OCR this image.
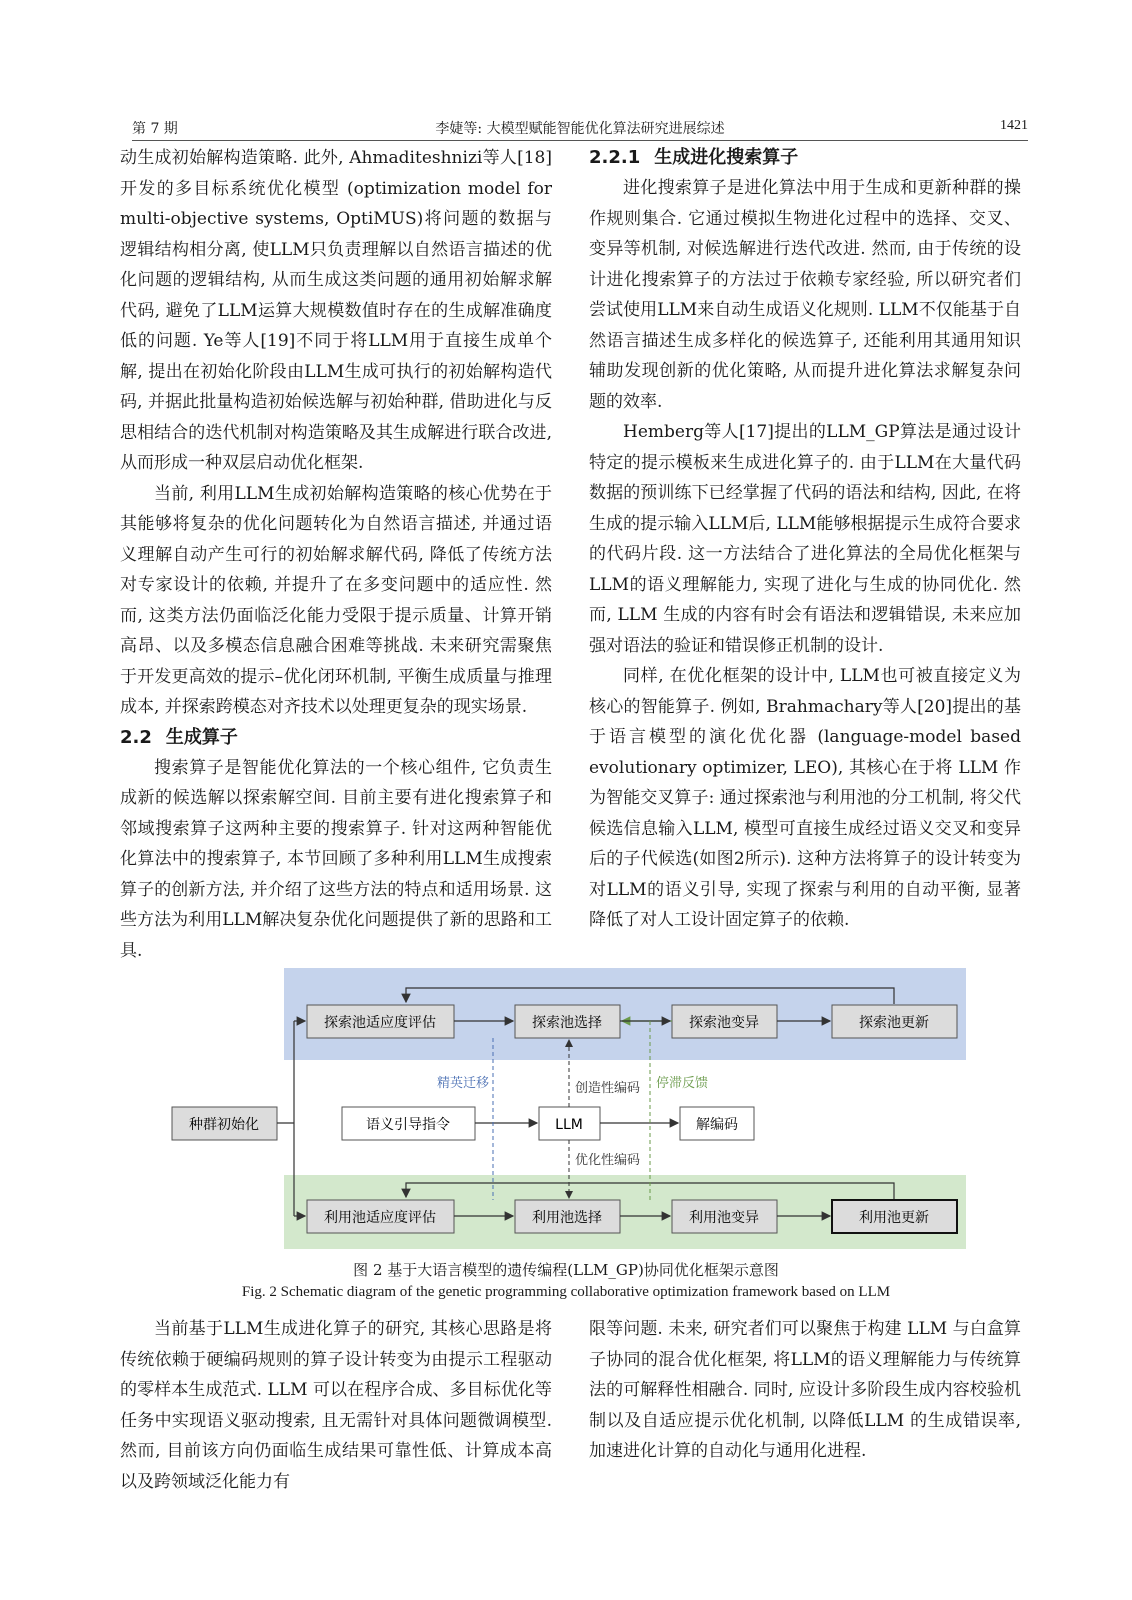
第 7 期	李婕等: 大模型赋能智能优化算法研究进展综述	1421

动生成初始解构造策略. 此外, Ahmaditeshnizi等人[18]开发的多目标系统优化模型 (optimization model for multi-objective systems, OptiMUS)将问题的数据与逻辑结构相分离, 使LLM只负责理解以自然语言描述的优化问题的逻辑结构, 从而生成这类问题的通用初始解求解代码, 避免了LLM运算大规模数值时存在的生成解准确度低的问题. Ye等人[19]不同于将LLM用于直接生成单个解, 提出在初始化阶段由LLM生成可执行的初始解构造代码, 并据此批量构造初始候选解与初始种群, 借助进化与反思相结合的迭代机制对构造策略及其生成解进行联合改进, 从而形成一种双层启动优化框架.

当前, 利用LLM生成初始解构造策略的核心优势在于其能够将复杂的优化问题转化为自然语言描述, 并通过语义理解自动产生可行的初始解求解代码, 降低了传统方法对专家设计的依赖, 并提升了在多变问题中的适应性. 然而, 这类方法仍面临泛化能力受限于提示质量、计算开销高昂、以及多模态信息融合困难等挑战. 未来研究需聚焦于开发更高效的提示–优化闭环机制, 平衡生成质量与推理成本, 并探索跨模态对齐技术以处理更复杂的现实场景.

2.2 生成算子

搜索算子是智能优化算法的一个核心组件, 它负责生成新的候选解以探索解空间. 目前主要有进化搜索算子和邻域搜索算子这两种主要的搜索算子. 针对这两种智能优化算法中的搜索算子, 本节回顾了多种利用LLM生成搜索算子的创新方法, 并介绍了这些方法的特点和适用场景. 这些方法为利用LLM解决复杂优化问题提供了新的思路和工具.

2.2.1 生成进化搜索算子

进化搜索算子是进化算法中用于生成和更新种群的操作规则集合. 它通过模拟生物进化过程中的选择、交叉、变异等机制, 对候选解进行迭代改进. 然而, 由于传统的设计进化搜索算子的方法过于依赖专家经验, 所以研究者们尝试使用LLM来自动生成语义化规则. LLM不仅能基于自然语言描述生成多样化的候选算子, 还能利用其通用知识辅助发现创新的优化策略, 从而提升进化算法求解复杂问题的效率.

Hemberg等人[17]提出的LLM_GP算法是通过设计特定的提示模板来生成进化算子的. 由于LLM在大量代码数据的预训练下已经掌握了代码的语法和结构, 因此, 在将生成的提示输入LLM后, LLM能够根据提示生成符合要求的代码片段. 这一方法结合了进化算法的全局优化框架与LLM的语义理解能力, 实现了进化与生成的协同优化. 然而, LLM 生成的内容有时会有语法和逻辑错误, 未来应加强对语法的验证和错误修正机制的设计.

同样, 在优化框架的设计中, LLM也可被直接定义为核心的智能算子. 例如, Brahmachary等人[20]提出的基于语言模型的演化优化器 (language-model based evolutionary optimizer, LEO), 其核心在于将 LLM 作为智能交叉算子: 通过探索池与利用池的分工机制, 将父代候选信息输入LLM, 模型可直接生成经过语义交叉和变异后的子代候选(如图2所示). 这种方法将算子的设计转变为对LLM的语义引导, 实现了探索与利用的自动平衡, 显著降低了对人工设计固定算子的依赖.

探索池适应度评估	探索池选择	探索池变异	探索池更新
种群初始化	语义引导指令	LLM	解编码
精英迁移	创造性编码 停滞反馈
优化性编码
利用池适应度评估	利用池选择	利用池变异	利用池更新
图 2 基于大语言模型的遗传编程(LLM_GP)协同优化框架示意图
Fig. 2 Schematic diagram of the genetic programming collaborative optimization framework based on LLM

当前基于LLM生成进化算子的研究, 其核心思路是将传统依赖于硬编码规则的算子设计转变为由提示工程驱动的零样本生成范式. LLM 可以在程序合成、多目标优化等任务中实现语义驱动搜索, 且无需针对具体问题微调模型. 然而, 目前该方向仍面临生成结果可靠性低、计算成本高以及跨领域泛化能力有

限等问题. 未来, 研究者们可以聚焦于构建 LLM 与白盒算子协同的混合优化框架, 将LLM的语义理解能力与传统算法的可解释性相融合. 同时, 应设计多阶段生成内容校验机制以及自适应提示优化机制, 以降低LLM 的生成错误率, 加速进化计算的自动化与通用化进程.
